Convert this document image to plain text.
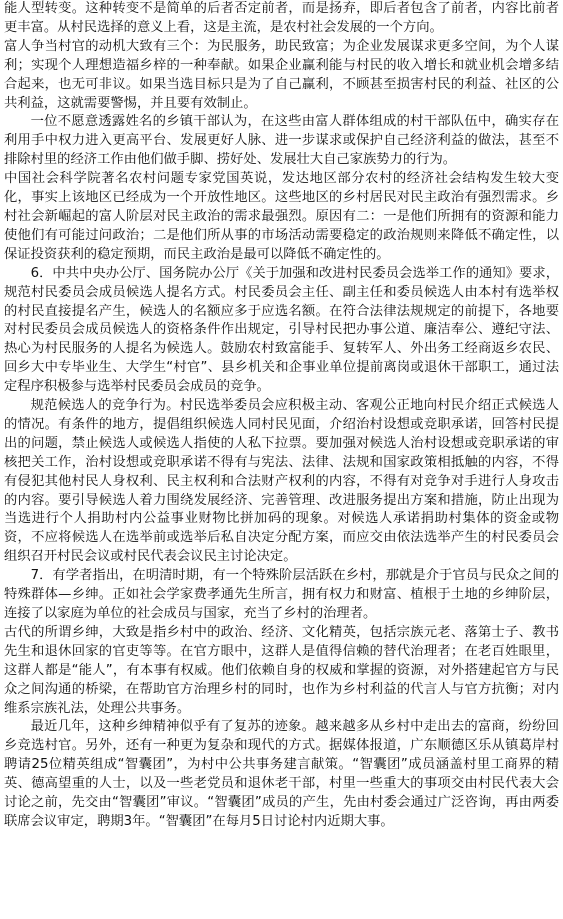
能人型转变。这种转变不是简单的后者否定前者，而是扬弃，即后者包含了前者，内容比前者更丰富。从村民选择的意义上看，这是主流，是农村社会发展的一个方向。

富人争当村官的动机大致有三个：为民服务，助民致富；为企业发展谋求更多空间，为个人谋利；实现个人理想造福乡梓的一种奉献。如果企业赢利能与村民的收入增长和就业机会增多结合起来，也无可非议。如果当选目标只是为了自己赢利，不顾甚至损害村民的利益、社区的公共利益，这就需要警惕，并且要有效制止。

一位不愿意透露姓名的乡镇干部认为，在这些由富人群体组成的村干部队伍中，确实存在利用手中权力进入更高平台、发展更好人脉、进一步谋求或保护自己经济利益的做法，甚至不排除村里的经济工作由他们做手脚、捞好处、发展壮大自己家族势力的行为。

中国社会科学院著名农村问题专家党国英说，发达地区部分农村的经济社会结构发生较大变化，事实上该地区已经成为一个开放性地区。这些地区的乡村居民对民主政治有强烈需求。乡村社会新崛起的富人阶层对民主政治的需求最强烈。原因有二：一是他们所拥有的资源和能力使他们有可能过问政治；二是他们所从事的市场活动需要稳定的政治规则来降低不确定性，以保证投资获利的稳定预期，而民主政治是最可以降低不确定性的。

6．中共中央办公厅、国务院办公厅《关于加强和改进村民委员会选举工作的通知》要求，规范村民委员会成员候选人提名方式。村民委员会主任、副主任和委员候选人由本村有选举权的村民直接提名产生，候选人的名额应多于应选名额。在符合法律法规规定的前提下，各地要对村民委员会成员候选人的资格条件作出规定，引导村民把办事公道、廉洁奉公、遵纪守法、热心为村民服务的人提名为候选人。鼓励农村致富能手、复转军人、外出务工经商返乡农民、回乡大中专毕业生、大学生“村官”、县乡机关和企事业单位提前离岗或退休干部职工，通过法定程序积极参与选举村民委员会成员的竞争。

规范候选人的竞争行为。村民选举委员会应积极主动、客观公正地向村民介绍正式候选人的情况。有条件的地方，提倡组织候选人同村民见面，介绍治村设想或竞职承诺，回答村民提出的问题，禁止候选人或候选人指使的人私下拉票。要加强对候选人治村设想或竞职承诺的审核把关工作，治村设想或竞职承诺不得有与宪法、法律、法规和国家政策相抵触的内容，不得有侵犯其他村民人身权利、民主权利和合法财产权利的内容，不得有对竞争对手进行人身攻击的内容。要引导候选人着力围绕发展经济、完善管理、改进服务提出方案和措施，防止出现为当选进行个人捐助村内公益事业财物比拼加码的现象。对候选人承诺捐助村集体的资金或物资，不应将候选人在选举前或选举后私自决定分配方案，而应交由依法选举产生的村民委员会组织召开村民会议或村民代表会议民主讨论决定。

7．有学者指出，在明清时期，有一个特殊阶层活跃在乡村，那就是介于官员与民众之间的特殊群体—乡绅。正如社会学家费孝通先生所言，拥有权力和财富、植根于土地的乡绅阶层，连接了以家庭为单位的社会成员与国家，充当了乡村的治理者。

古代的所谓乡绅，大致是指乡村中的政治、经济、文化精英，包括宗族元老、落第士子、教书先生和退休回家的官吏等等。在官方眼中，这群人是值得信赖的替代治理者；在老百姓眼里，这群人都是“能人”，有本事有权威。他们依赖自身的权威和掌握的资源，对外搭建起官方与民众之间沟通的桥梁，在帮助官方治理乡村的同时，也作为乡村利益的代言人与官方抗衡；对内维系宗族礼法，处理公共事务。

最近几年，这种乡绅精神似乎有了复苏的迹象。越来越多从乡村中走出去的富商，纷纷回乡竞选村官。另外，还有一种更为复杂和现代的方式。据媒体报道，广东顺德区乐从镇葛岸村聘请25位精英组成“智囊团”，为村中公共事务建言献策。“智囊团”成员涵盖村里工商界的精英、德高望重的人士，以及一些老党员和退休老干部，村里一些重大的事项交由村民代表大会讨论之前，先交由“智囊团”审议。“智囊团”成员的产生，先由村委会通过广泛咨询，再由两委联席会议审定，聘期3年。“智囊团”在每月5日讨论村内近期大事。
